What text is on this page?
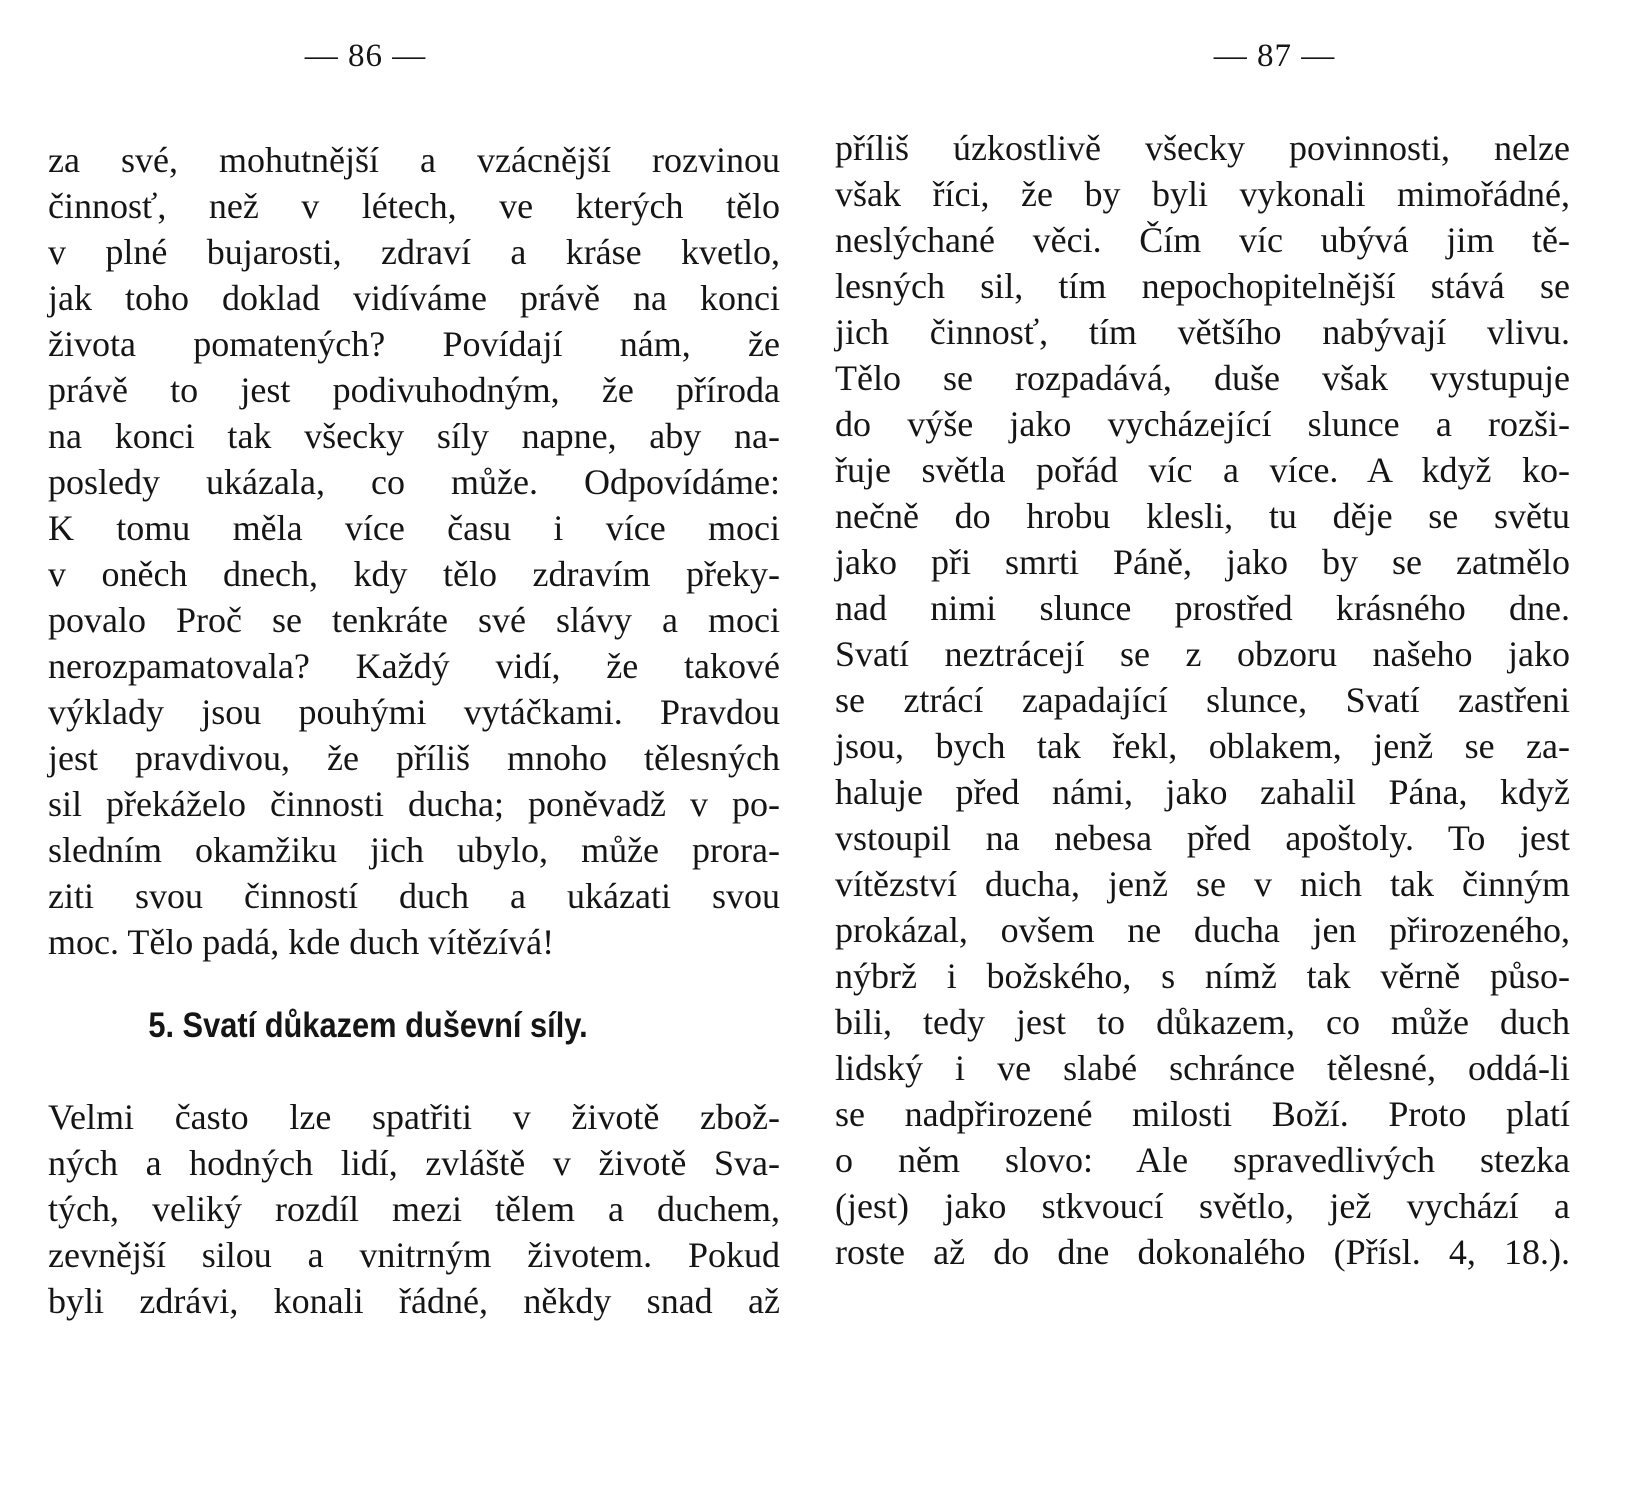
— 86 —
za své, mohutnější a vzácnější rozvinou
činnosť, než v létech, ve kterých tělo
v plné bujarosti, zdraví a kráse kvetlo,
jak toho doklad vidíváme právě na konci
života pomatených? Povídají nám, že
právě to jest podivuhodným, že příroda
na konci tak všecky síly napne, aby na-
posledy ukázala, co může. Odpovídáme:
K tomu měla více času i více moci
v oněch dnech, kdy tělo zdravím překy-
povalo Proč se tenkráte své slávy a moci
nerozpamatovala? Každý vidí, že takové
výklady jsou pouhými vytáčkami. Pravdou
jest pravdivou, že příliš mnoho tělesných
sil překáželo činnosti ducha; poněvadž v po-
sledním okamžiku jich ubylo, může prora-
ziti svou činností duch a ukázati svou
moc. Tělo padá, kde duch vítězívá!
5. Svatí důkazem duševní síly.
Velmi často lze spatřiti v životě zbož-
ných a hodných lidí, zvláště v životě Sva-
tých, veliký rozdíl mezi tělem a duchem,
zevnější silou a vnitrným životem. Pokud
byli zdrávi, konali řádné, někdy snad až
— 87 —
příliš úzkostlivě všecky povinnosti, nelze
však říci, že by byli vykonali mimořádné,
neslýchané věci. Čím víc ubývá jim tě-
lesných sil, tím nepochopitelnější stává se
jich činnosť, tím většího nabývají vlivu.
Tělo se rozpadává, duše však vystupuje
do výše jako vycházející slunce a rozši-
řuje světla pořád víc a více. A když ko-
nečně do hrobu klesli, tu děje se světu
jako při smrti Páně, jako by se zatmělo
nad nimi slunce prostřed krásného dne.
Svatí neztrácejí se z obzoru našeho jako
se ztrácí zapadající slunce, Svatí zastřeni
jsou, bych tak řekl, oblakem, jenž se za-
haluje před námi, jako zahalil Pána, když
vstoupil na nebesa před apoštoly. To jest
vítězství ducha, jenž se v nich tak činným
prokázal, ovšem ne ducha jen přirozeného,
nýbrž i božského, s nímž tak věrně půso-
bili, tedy jest to důkazem, co může duch
lidský i ve slabé schránce tělesné, oddá-li
se nadpřirozené milosti Boží. Proto platí
o něm slovo: Ale spravedlivých stezka
(jest) jako stkvoucí světlo, jež vychází a
roste až do dne dokonalého (Přísl. 4, 18.).
